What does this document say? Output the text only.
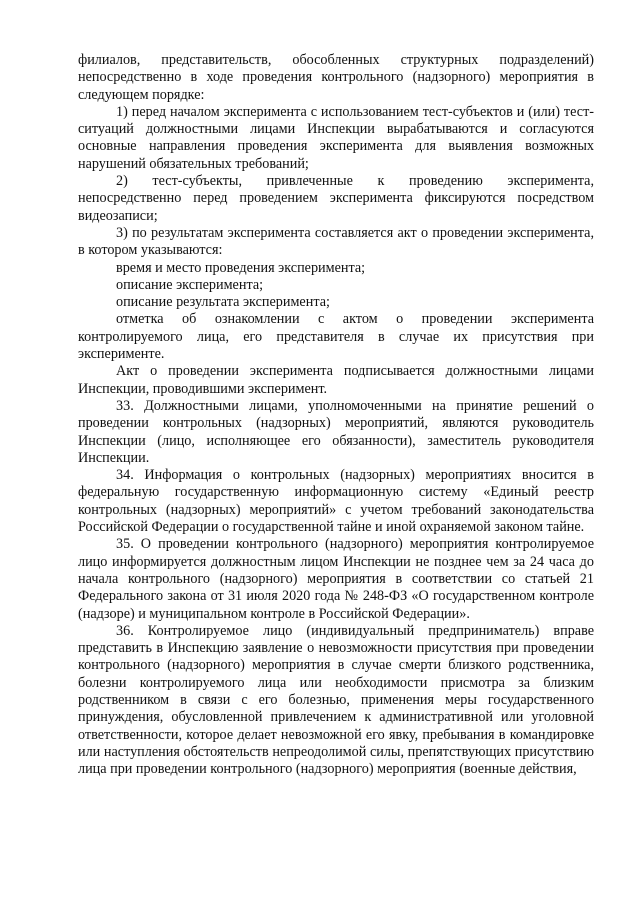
филиалов, представительств, обособленных структурных подразделений) непосредственно в ходе проведения контрольного (надзорного) мероприятия в следующем порядке:

1) перед началом эксперимента с использованием тест-субъектов и (или) тест-ситуаций должностными лицами Инспекции вырабатываются и согласуются основные направления проведения эксперимента для выявления возможных нарушений обязательных требований;

2) тест-субъекты, привлеченные к проведению эксперимента, непосредственно перед проведением эксперимента фиксируются посредством видеозаписи;

3) по результатам эксперимента составляется акт о проведении эксперимента, в котором указываются:

время и место проведения эксперимента;

описание эксперимента;

описание результата эксперимента;

отметка об ознакомлении с актом о проведении эксперимента контролируемого лица, его представителя в случае их присутствия при эксперименте.

Акт о проведении эксперимента подписывается должностными лицами Инспекции, проводившими эксперимент.

33. Должностными лицами, уполномоченными на принятие решений о проведении контрольных (надзорных) мероприятий, являются руководитель Инспекции (лицо, исполняющее его обязанности), заместитель руководителя Инспекции.

34. Информация о контрольных (надзорных) мероприятиях вносится в федеральную государственную информационную систему «Единый реестр контрольных (надзорных) мероприятий» с учетом требований законодательства Российской Федерации о государственной тайне и иной охраняемой законом тайне.

35. О проведении контрольного (надзорного) мероприятия контролируемое лицо информируется должностным лицом Инспекции не позднее чем за 24 часа до начала контрольного (надзорного) мероприятия в соответствии со статьей 21 Федерального закона от 31 июля 2020 года № 248-ФЗ «О государственном контроле (надзоре) и муниципальном контроле в Российской Федерации».

36. Контролируемое лицо (индивидуальный предприниматель) вправе представить в Инспекцию заявление о невозможности присутствия при проведении контрольного (надзорного) мероприятия в случае смерти близкого родственника, болезни контролируемого лица или необходимости присмотра за близким родственником в связи с его болезнью, применения меры государственного принуждения, обусловленной привлечением к административной или уголовной ответственности, которое делает невозможной его явку, пребывания в командировке или наступления обстоятельств непреодолимой силы, препятствующих присутствию лица при проведении контрольного (надзорного) мероприятия (военные действия,
